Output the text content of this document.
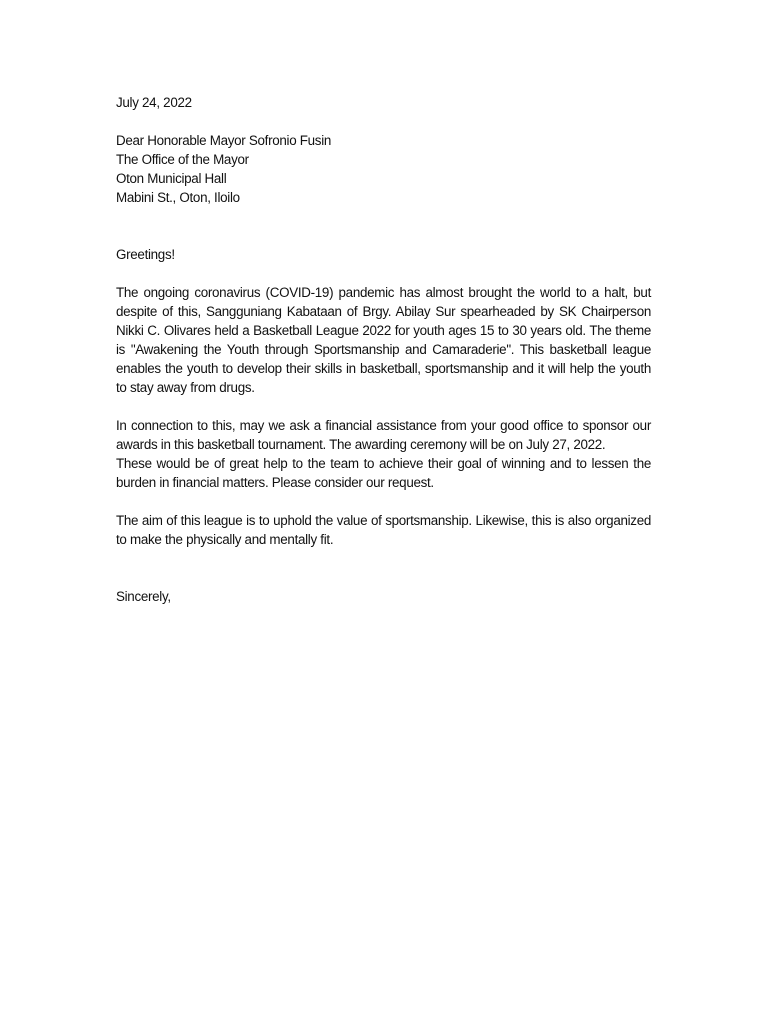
July 24, 2022
Dear Honorable Mayor Sofronio Fusin
The Office of the Mayor
Oton Municipal Hall
Mabini St., Oton, Iloilo
Greetings!

The ongoing coronavirus (COVID-19) pandemic has almost brought the world to a halt, but despite of this, Sangguniang Kabataan of Brgy. Abilay Sur spearheaded by SK Chairperson Nikki C. Olivares held a Basketball League 2022 for youth ages 15 to 30 years old. The theme is "Awakening the Youth through Sportsmanship and Camaraderie". This basketball league enables the youth to develop their skills in basketball, sportsmanship and it will help the youth to stay away from drugs.

In connection to this, may we ask a financial assistance from your good office to sponsor our awards in this basketball tournament. The awarding ceremony will be on July 27, 2022.

These would be of great help to the team to achieve their goal of winning and to lessen the burden in financial matters. Please consider our request.

The aim of this league is to uphold the value of sportsmanship. Likewise, this is also organized to make the physically and mentally fit.

Sincerely,
